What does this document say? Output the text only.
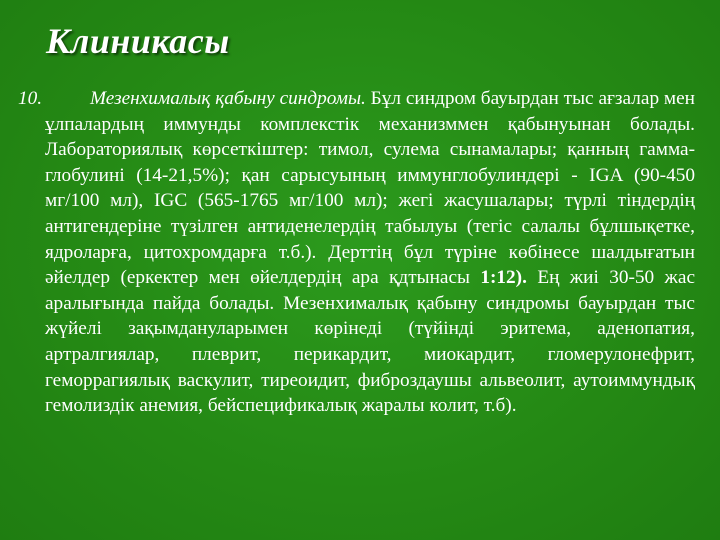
Клиникасы

10. Мезенхималық қабыну синдромы. Бұл синдром бауырдан тыс ағзалар мен ұлпалардың иммунды комплекстік механизммен қабынуынан болады. Лабораториялық көрсеткіштер: тимол, сулема сынамалары; қанның гамма-глобулині (14-21,5%); қан сарысуының иммунглобулиндері - IGA (90-450 мг/100 мл), IGC (565-1765 мг/100 мл); жегі жасушалары; түрлі тіндердің антигендеріне түзілген антиденелердің табылуы (тегіс салалы бұлшықетке, ядроларға, цитохромдарға т.б.). Дерттің бұл түріне көбінесе шалдығатын әйелдер (еркектер мен өйелдердің ара қдтынасы 1:12). Ең жиі 30-50 жас аралығында пайда болады. Мезенхималық қабыну синдромы бауырдан тыс жүйелі зақымдануларымен көрінеді (түйінді эритема, аденопатия, артралгиялар, плеврит, перикардит, миокардит, гломерулонефрит, геморрагиялық васкулит, тиреоидит, фиброздаушы альвеолит, аутоиммундық гемолиздік анемия, бейспецификалық жаралы колит, т.б).
